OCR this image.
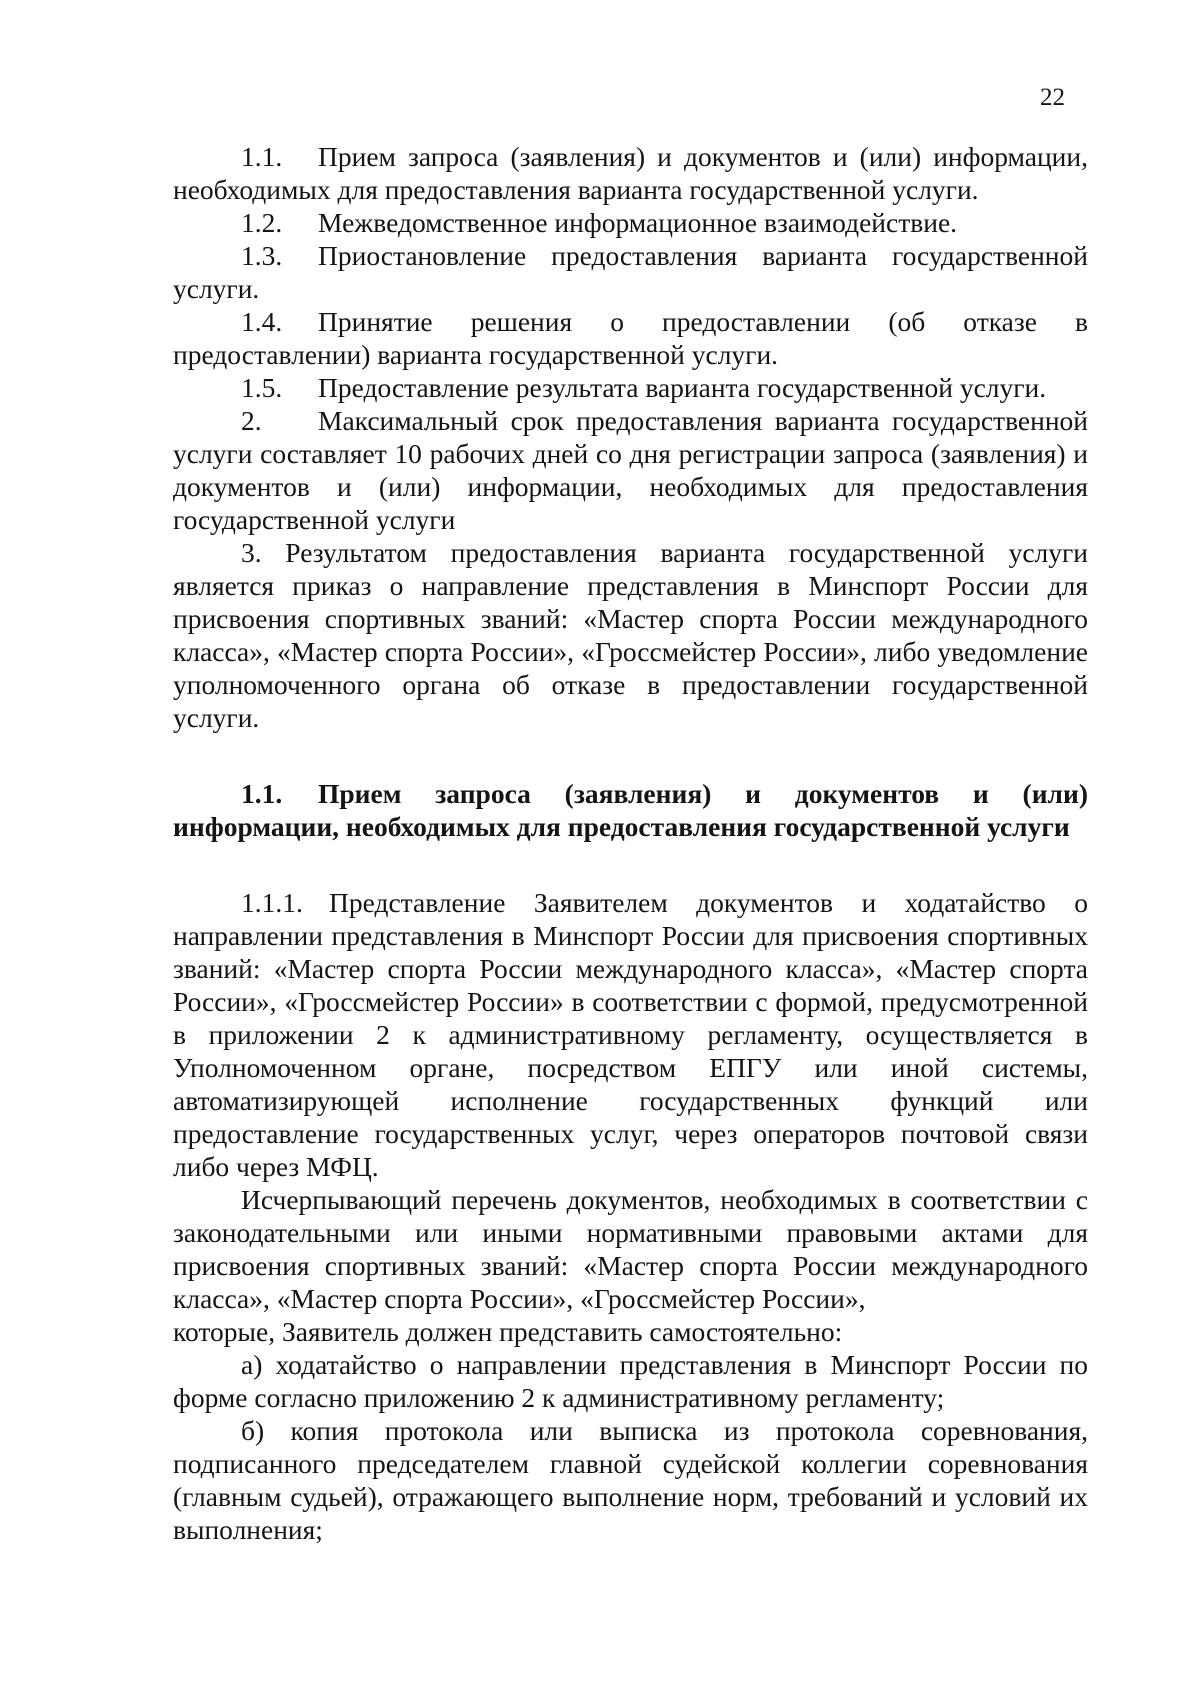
22

1.1. Прием запроса (заявления) и документов и (или) информации, необходимых для предоставления варианта государственной услуги.

1.2. Межведомственное информационное взаимодействие.

1.3. Приостановление предоставления варианта государственной услуги.

1.4. Принятие решения о предоставлении (об отказе в предоставлении) варианта государственной услуги.

1.5. Предоставление результата варианта государственной услуги.

2. Максимальный срок предоставления варианта государственной услуги составляет 10 рабочих дней со дня регистрации запроса (заявления) и документов и (или) информации, необходимых для предоставления государственной услуги

3. Результатом предоставления варианта государственной услуги является приказ о направление представления в Минспорт России для присвоения спортивных званий: «Мастер спорта России международного класса», «Мастер спорта России», «Гроссмейстер России», либо уведомление уполномоченного органа об отказе в предоставлении государственной услуги.

1.1. Прием запроса (заявления) и документов и (или) информации, необходимых для предоставления государственной услуги

1.1.1. Представление Заявителем документов и ходатайство о направлении представления в Минспорт России для присвоения спортивных званий: «Мастер спорта России международного класса», «Мастер спорта России», «Гроссмейстер России» в соответствии с формой, предусмотренной в приложении 2 к административному регламенту, осуществляется в Уполномоченном органе, посредством ЕПГУ или иной системы, автоматизирующей исполнение государственных функций или предоставление государственных услуг, через операторов почтовой связи либо через МФЦ.

Исчерпывающий перечень документов, необходимых в соответствии с законодательными или иными нормативными правовыми актами для присвоения спортивных званий: «Мастер спорта России международного класса», «Мастер спорта России», «Гроссмейстер России»,

которые, Заявитель должен представить самостоятельно:

а) ходатайство о направлении представления в Минспорт России по форме согласно приложению 2 к административному регламенту;

б) копия протокола или выписка из протокола соревнования, подписанного председателем главной судейской коллегии соревнования (главным судьей), отражающего выполнение норм, требований и условий их выполнения;
